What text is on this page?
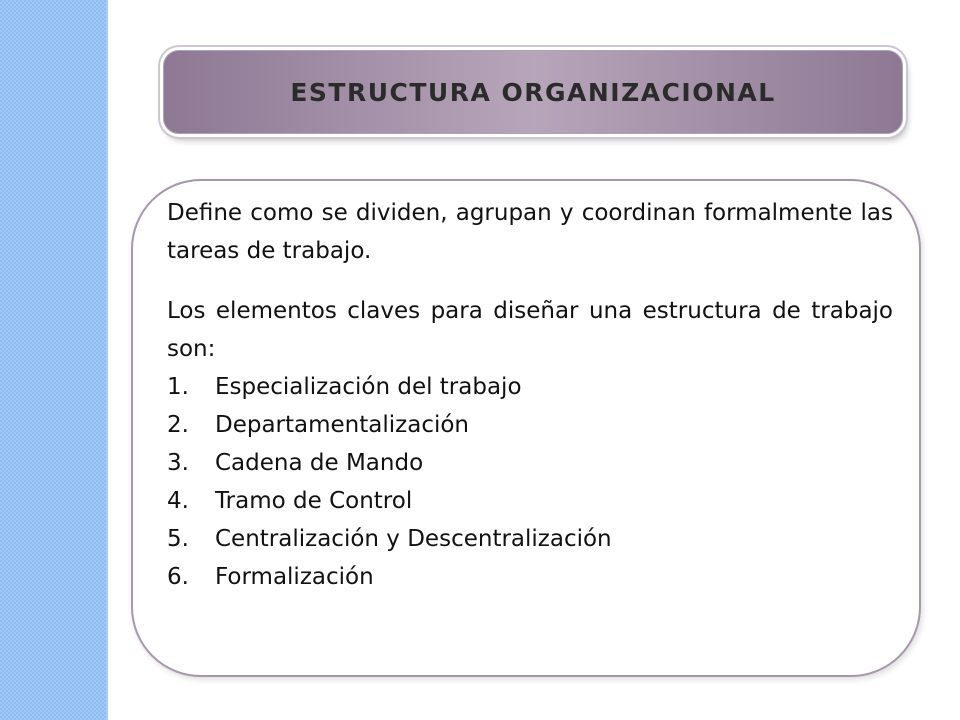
ESTRUCTURA ORGANIZACIONAL

Define como se dividen, agrupan y coordinan formalmente las tareas de trabajo.

Los elementos claves para diseñar una estructura de trabajo son:

1.	Especialización del trabajo
2.	Departamentalización
3.	Cadena de Mando
4.	Tramo de Control
5.	Centralización y Descentralización
6.	Formalización
